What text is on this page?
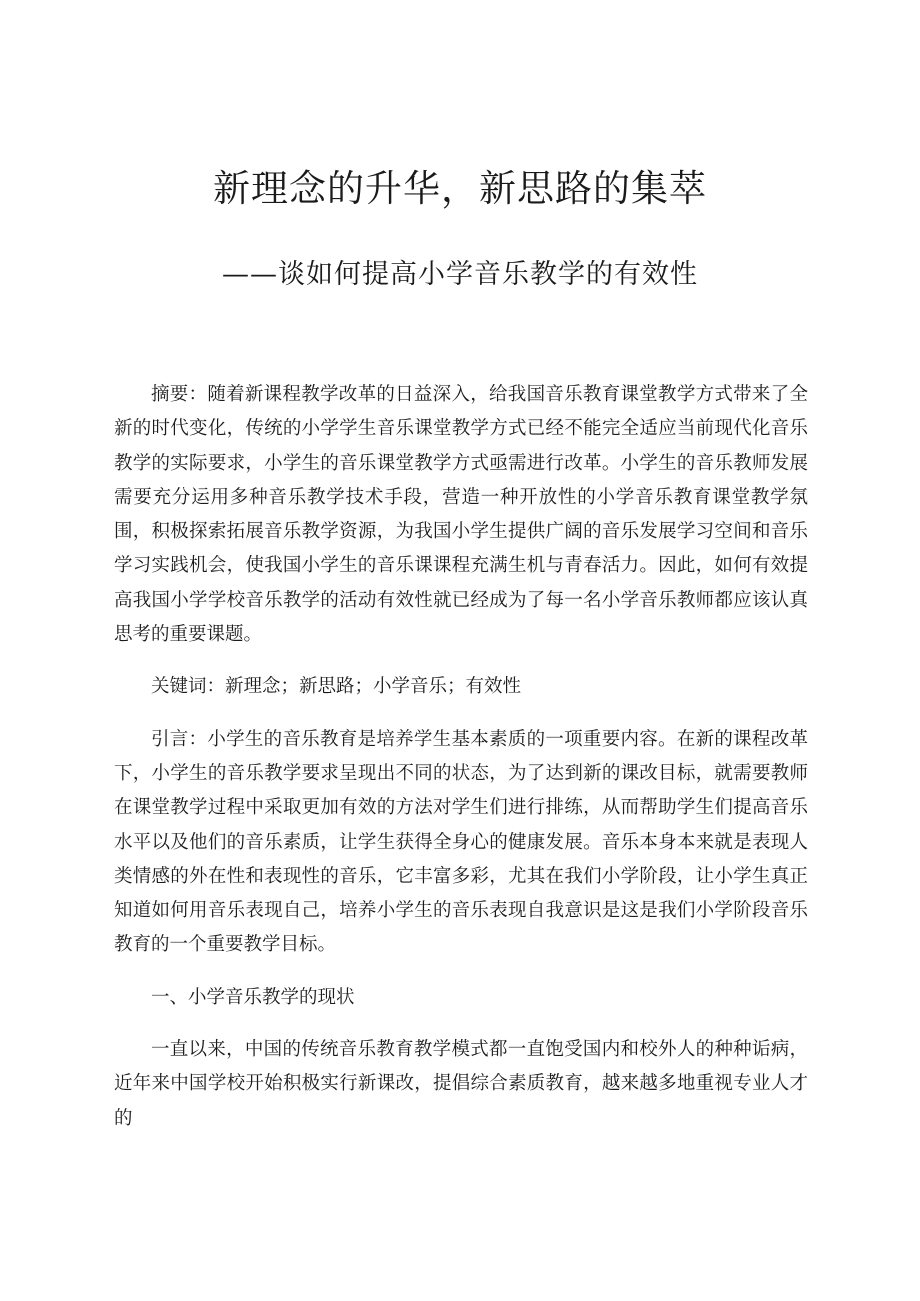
新理念的升华，新思路的集萃
——谈如何提高小学音乐教学的有效性

摘要：随着新课程教学改革的日益深入，给我国音乐教育课堂教学方式带来了全新的时代变化，传统的小学学生音乐课堂教学方式已经不能完全适应当前现代化音乐教学的实际要求，小学生的音乐课堂教学方式亟需进行改革。小学生的音乐教师发展需要充分运用多种音乐教学技术手段，营造一种开放性的小学音乐教育课堂教学氛围，积极探索拓展音乐教学资源，为我国小学生提供广阔的音乐发展学习空间和音乐学习实践机会，使我国小学生的音乐课课程充满生机与青春活力。因此，如何有效提高我国小学学校音乐教学的活动有效性就已经成为了每一名小学音乐教师都应该认真思考的重要课题。

关键词：新理念；新思路；小学音乐；有效性

引言：小学生的音乐教育是培养学生基本素质的一项重要内容。在新的课程改革下，小学生的音乐教学要求呈现出不同的状态，为了达到新的课改目标，就需要教师在课堂教学过程中采取更加有效的方法对学生们进行排练，从而帮助学生们提高音乐水平以及他们的音乐素质，让学生获得全身心的健康发展。音乐本身本来就是表现人类情感的外在性和表现性的音乐，它丰富多彩，尤其在我们小学阶段，让小学生真正知道如何用音乐表现自己，培养小学生的音乐表现自我意识是这是我们小学阶段音乐教育的一个重要教学目标。

一、小学音乐教学的现状

一直以来，中国的传统音乐教育教学模式都一直饱受国内和校外人的种种诟病，近年来中国学校开始积极实行新课改，提倡综合素质教育，越来越多地重视专业人才的
